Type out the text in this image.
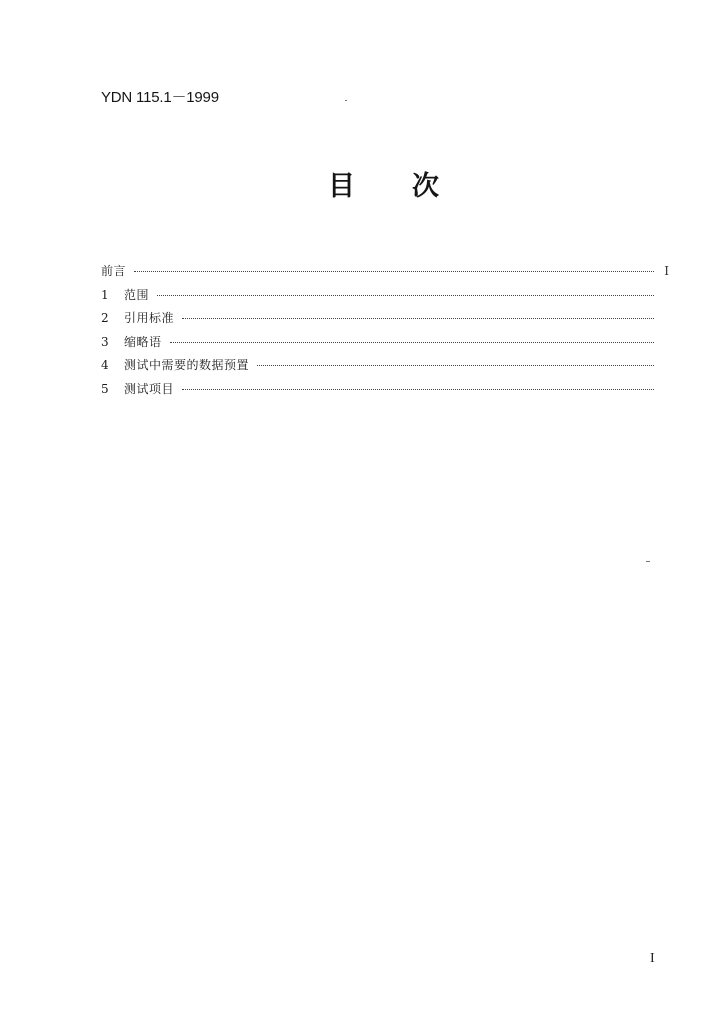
YDN 115.1－1999
目 次
前言	I
1	范围
2	引用标准
3	缩略语
4	测试中需要的数据预置
5	测试项目
I
